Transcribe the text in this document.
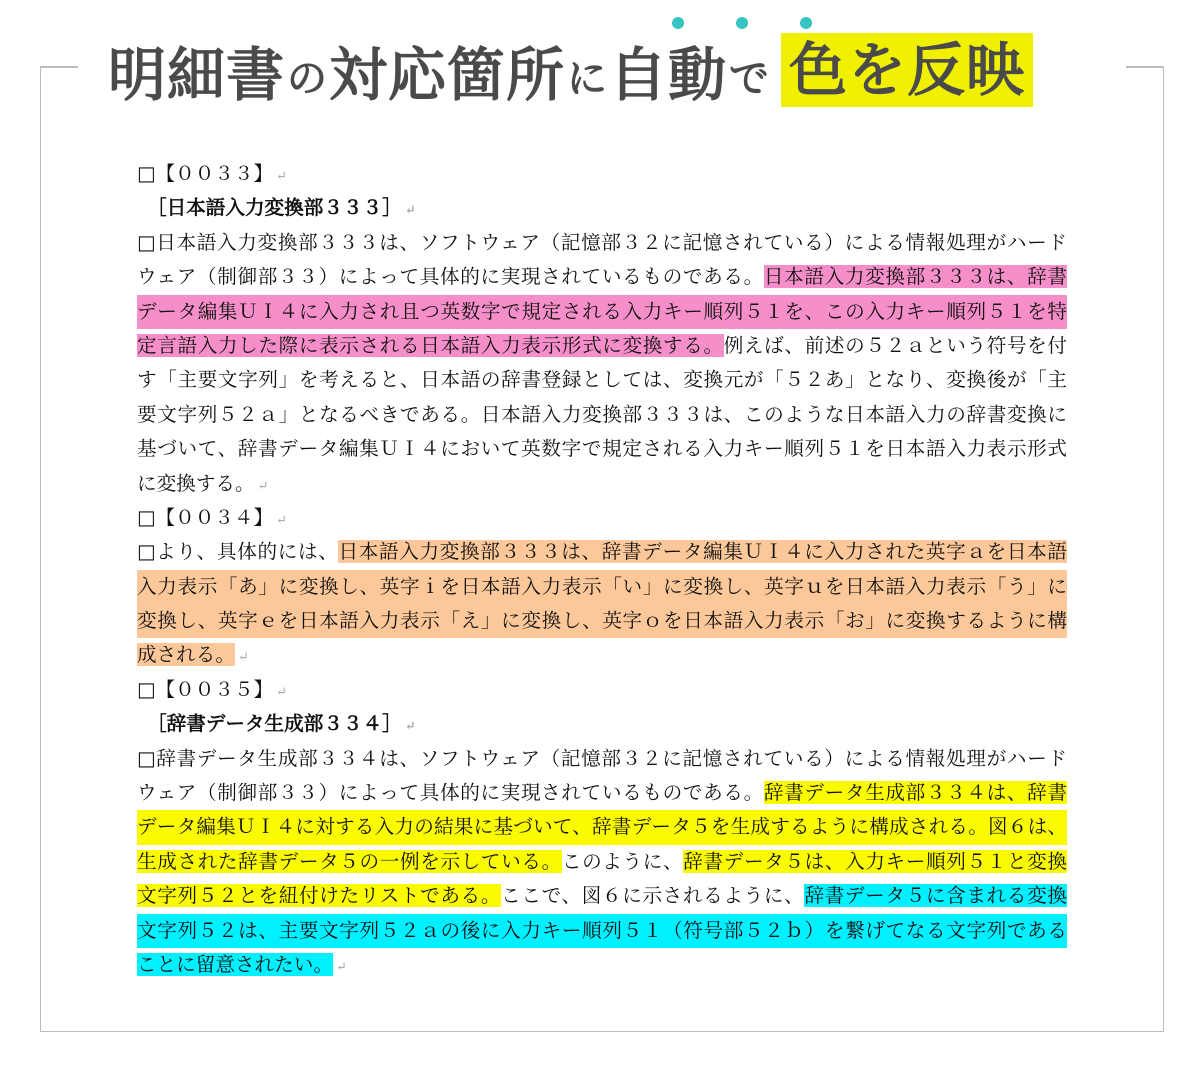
明細書 の 対応箇所 に 自動 で 色を反映
□【００３３】 ↵
［日本語入力変換部３３３］ ↵
□日本語入力変換部３３３は、ソフトウェア（記憶部３２に記憶されている）による情報処理がハード
ウェア（制御部３３）によって具体的に実現されているものである。日本語入力変換部３３３は、辞書
データ編集ＵＩ４に入力され且つ英数字で規定される入力キー順列５１を、この入力キー順列５１を特
定言語入力した際に表示される日本語入力表示形式に変換する。例えば、前述の５２ａという符号を付
す「主要文字列」を考えると、日本語の辞書登録としては、変換元が「５２あ」となり、変換後が「主
要文字列５２ａ」となるべきである。日本語入力変換部３３３は、このような日本語入力の辞書変換に
基づいて、辞書データ編集ＵＩ４において英数字で規定される入力キー順列５１を日本語入力表示形式
に変換する。 ↵
□【００３４】 ↵
□より、具体的には、日本語入力変換部３３３は、辞書データ編集ＵＩ４に入力された英字ａを日本語
入力表示「あ」に変換し、英字ｉを日本語入力表示「い」に変換し、英字ｕを日本語入力表示「う」に
変換し、英字ｅを日本語入力表示「え」に変換し、英字ｏを日本語入力表示「お」に変換するように構
成される。 ↵
□【００３５】 ↵
［辞書データ生成部３３４］ ↵
□辞書データ生成部３３４は、ソフトウェア（記憶部３２に記憶されている）による情報処理がハード
ウェア（制御部３３）によって具体的に実現されているものである。辞書データ生成部３３４は、辞書
データ編集ＵＩ４に対する入力の結果に基づいて、辞書データ５を生成するように構成される。図６は、
生成された辞書データ５の一例を示している。このように、辞書データ５は、入力キー順列５１と変換
文字列５２とを紐付けたリストである。ここで、図６に示されるように、辞書データ５に含まれる変換
文字列５２は、主要文字列５２ａの後に入力キー順列５１（符号部５２ｂ）を繋げてなる文字列である
ことに留意されたい。 ↵
